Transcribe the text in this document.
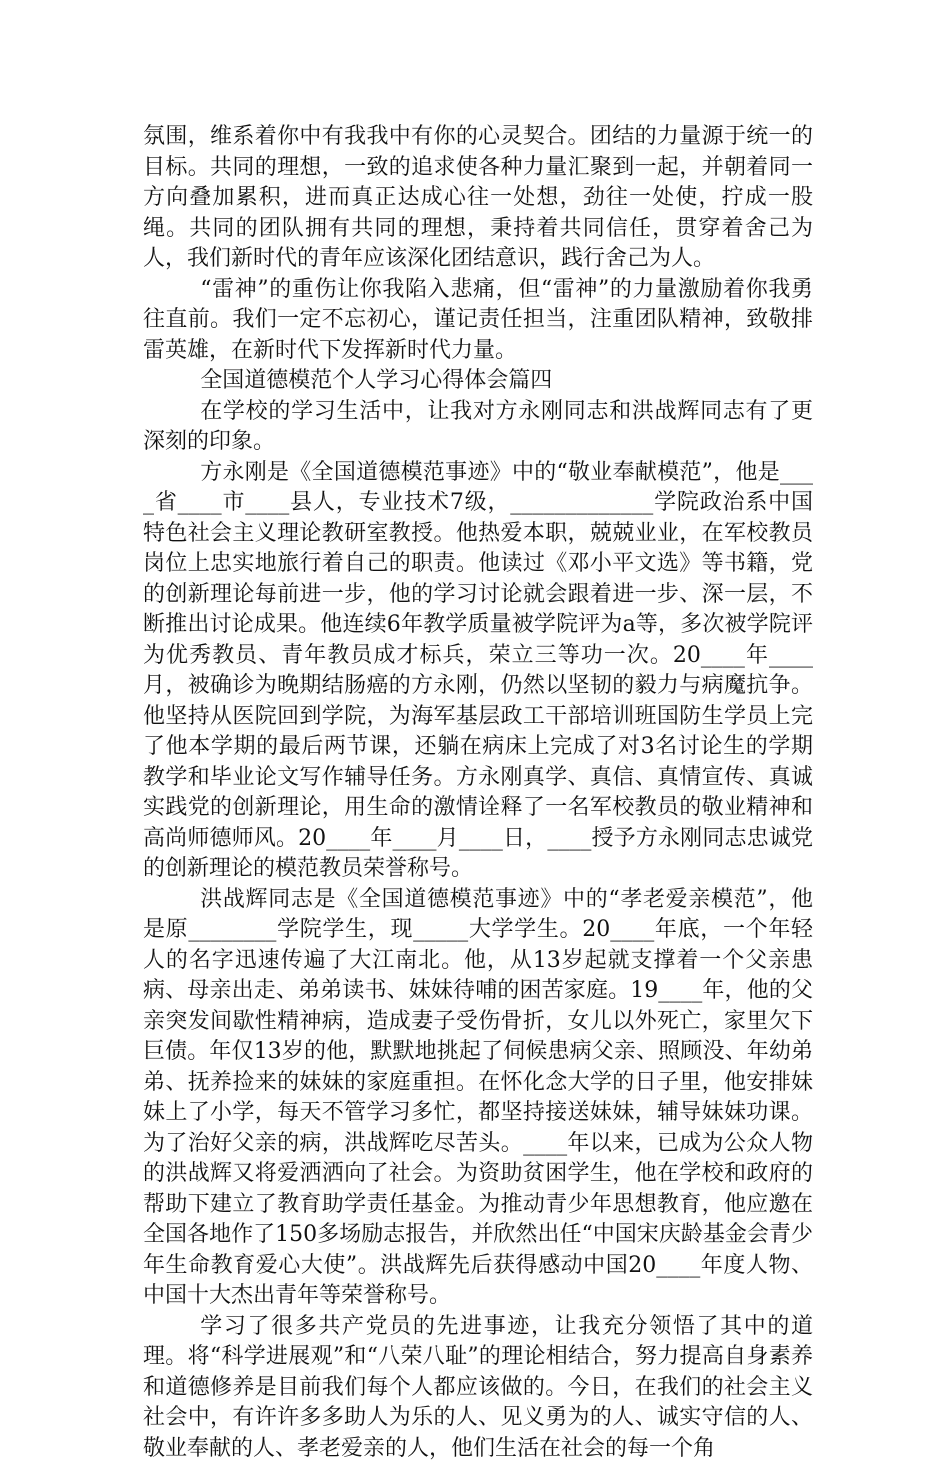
氛围，维系着你中有我我中有你的心灵契合。团结的力量源于统一的目标。共同的理想，一致的追求使各种力量汇聚到一起，并朝着同一方向叠加累积，进而真正达成心往一处想，劲往一处使，拧成一股绳。共同的团队拥有共同的理想，秉持着共同信任，贯穿着舍己为人，我们新时代的青年应该深化团结意识，践行舍己为人。

“雷神”的重伤让你我陷入悲痛，但“雷神”的力量激励着你我勇往直前。我们一定不忘初心，谨记责任担当，注重团队精神，致敬排雷英雄，在新时代下发挥新时代力量。

全国道德模范个人学习心得体会篇四

在学校的学习生活中，让我对方永刚同志和洪战辉同志有了更深刻的印象。

方永刚是《全国道德模范事迹》中的“敬业奉献模范”，他是____省____市____县人，专业技术7级，_____________学院政治系中国特色社会主义理论教研室教授。他热爱本职，兢兢业业，在军校教员岗位上忠实地旅行着自己的职责。他读过《邓小平文选》等书籍，党的创新理论每前进一步，他的学习讨论就会跟着进一步、深一层，不断推出讨论成果。他连续6年教学质量被学院评为a等，多次被学院评为优秀教员、青年教员成才标兵，荣立三等功一次。20____年____月，被确诊为晚期结肠癌的方永刚，仍然以坚韧的毅力与病魔抗争。他坚持从医院回到学院，为海军基层政工干部培训班国防生学员上完了他本学期的最后两节课，还躺在病床上完成了对3名讨论生的学期教学和毕业论文写作辅导任务。方永刚真学、真信、真情宣传、真诚实践党的创新理论，用生命的激情诠释了一名军校教员的敬业精神和高尚师德师风。20____年____月____日，____授予方永刚同志忠诚党的创新理论的模范教员荣誉称号。

洪战辉同志是《全国道德模范事迹》中的“孝老爱亲模范”，他是原________学院学生，现_____大学学生。20____年底，一个年轻人的名字迅速传遍了大江南北。他，从13岁起就支撑着一个父亲患病、母亲出走、弟弟读书、妹妹待哺的困苦家庭。19____年，他的父亲突发间歇性精神病，造成妻子受伤骨折，女儿以外死亡，家里欠下巨债。年仅13岁的他，默默地挑起了伺候患病父亲、照顾没、年幼弟弟、抚养捡来的妹妹的家庭重担。在怀化念大学的日子里，他安排妹妹上了小学，每天不管学习多忙，都坚持接送妹妹，辅导妹妹功课。为了治好父亲的病，洪战辉吃尽苦头。____年以来，已成为公众人物的洪战辉又将爱洒洒向了社会。为资助贫困学生，他在学校和政府的帮助下建立了教育助学责任基金。为推动青少年思想教育，他应邀在全国各地作了150多场励志报告，并欣然出任“中国宋庆龄基金会青少年生命教育爱心大使”。洪战辉先后获得感动中国20____年度人物、中国十大杰出青年等荣誉称号。

学习了很多共产党员的先进事迹，让我充分领悟了其中的道理。将“科学进展观”和“八荣八耻”的理论相结合，努力提高自身素养和道德修养是目前我们每个人都应该做的。今日，在我们的社会主义社会中，有许许多多助人为乐的人、见义勇为的人、诚实守信的人、敬业奉献的人、孝老爱亲的人，他们生活在社会的每一个角
